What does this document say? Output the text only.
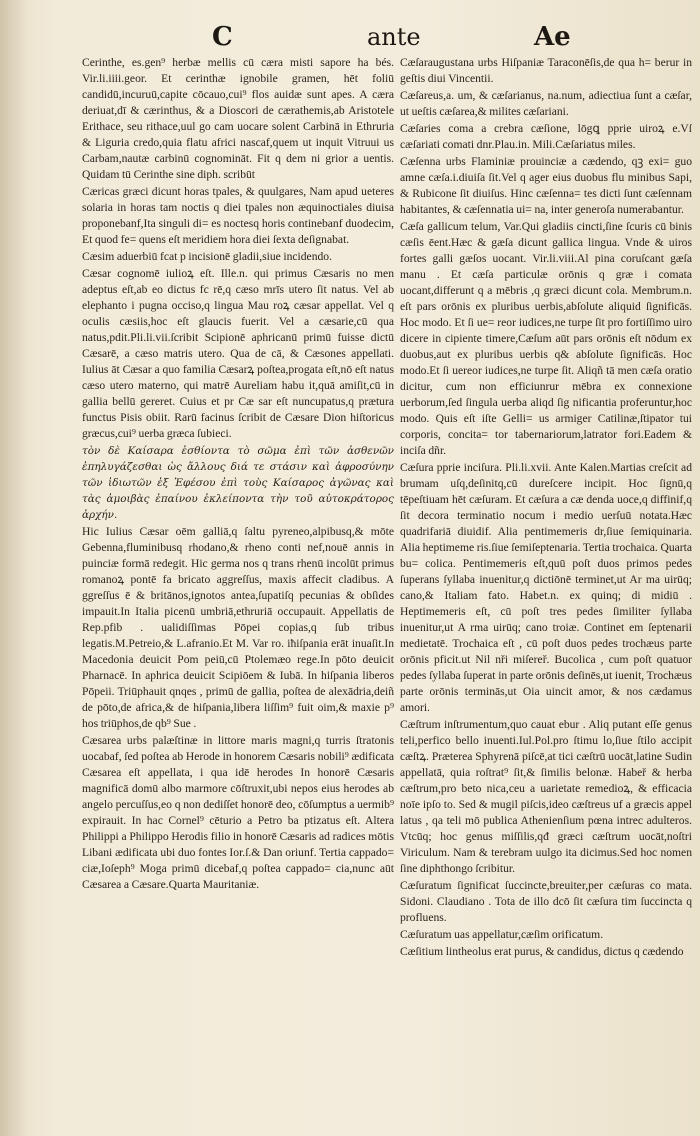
C	ante	Ae

Cerinthe, es.gen⁹ herbæ mellis cū cæra misti sapore ha bés. Vir.li.iiii.geor. Et cerinthæ ignobile gramen, hēt foliū candidū,incuruū,capite cōcauo,cui⁹ flos auidæ sunt apes. A cæra deriuat,dī & cærinthus, & a Dioscori de cærathemis,ab Aristotele Erithace, seu rithace,uul go cam uocare solent Carbinā in Ethruria & Liguria credo,quia flatu africi nascaf,quem ut inquit Vitruui us Carbam,nautæ carbinū cognomināt. Fit q dem ni grior a uentis. Quidam tū Cerinthe sine diph. scribūt

Cæricas græci dicunt horas tpales, & quulgares, Nam apud ueteres solaria in horas tam noctis q diei tpales non æquinoctiales diuisa proponebanf,Ita singuli di= es noctesq horis continebanf duodecim, Et quod fe= quens eſt meridiem hora diei ſexta deſignabat.

Cæsim aduerbiū fcat p incisionē gladii,siue incidendo.

Cæsar cognomē iulioꝝ eſt. Ille.n. qui primus Cæsaris no men adeptus eſt,ab eo dictus fc rē,q cæso mrīs utero ſit natus. Vel ab elephanto i pugna occiso,q lingua Mau roꝝ cæsar appellat. Vel q oculis cæsiis,hoc eſt glaucis fuerit. Vel a cæsarie,cū qua natus,pdit.Pli.li.vii.ſcribit Scipionē aphricanū primū fuisse dictū Cæsarē, a cæso matris utero. Qua de cā, & Cæsones appellati. Iulius āt Cæsar a quo familia Cæsarꝝ poſtea,progata eſt,nō eſt natus cæso utero materno, qui matrē Aureliam habu it,quā amiſit,cū in gallia bellū gereret. Cuius et pr Cæ sar eſt nuncupatus,q prætura functus Pisis obiit. Rarū facinus ſcribit de Cæsare Dion hiſtoricus græcus,cui⁹ uerba græca ſubieci.

τὸν δὲ Καίσαρα ἐσθίοντα τὸ σῶμα ἐπὶ τῶν ἀσθενῶν ἐπηλυγάζεσθαι ὡς ἄλλους διά τε στάσιν καὶ ἀφροσύνην τῶν ἰδιωτῶν ἐξ Ἐφέσου ἐπὶ τοὺς Καίσαρος ἀγῶνας καὶ τὰς ἀμοιβὰς ἐπαίνου ἐκλείποντα τὴν τοῦ αὐτοκράτορος ἀρχήν.

Hic Iulius Cæsar oēm galliā,q ſaltu pyreneo,alpibusq,& mōte Gebenna,fluminibusq rhodano,& rheno conti nef,nouē annis in puinciæ formā redegit. Hic germa nos q trans rhenū incolūt primus romanoꝝ pontē fa bricato aggreſſus, maxis affecit cladibus. A ggreſſus ē & britānos,ignotos antea,ſupatiſq pecunias & obſides impauit.In Italia picenū umbriā,ethruriā occupauit. Appellatis de Rep.pfib . ualidiſſimas Pōpei copias,q ſub tribus legatis.M.Petreio,& L.afranio.Et M. Var ro. iħiſpania erāt inuaſit.In Macedonia deuicit Pom peiū,cū Ptolemæo rege.In pōto deuicit Pharnacē. In aphrica deuicit Scipiōem & Iubā. In hiſpania liberos Pōpeii. Triūphauit qnqes , primū de gallia, poſtea de alexādria,deiñ de pōto,de africa,& de hiſpania,libera liſſim⁹ fuit oim,& maxie p⁹ hos triūphos,de qb⁹ Sue .

Cæsarea urbs palæſtinæ in littore maris magni,q turris ſtratonis uocabaf, ſed poſtea ab Herode in honorem Cæsaris nobili⁹ ædificata Cæsarea eſt appellata, i qua idē herodes In honorē Cæsaris magnificā domū albo marmore cōſtruxit,ubi nepos eius herodes ab angelo percuſſus,eo q non dediſſet honorē deo, cōſumptus a uermib⁹ expirauit. In hac Cornel⁹ cēturio a Petro ba ptizatus eſt. Altera Philippi a Philippo Herodis filio in honorē Cæsaris ad radices mōtis Libani ædificata ubi duo fontes Ior.ſ.& Dan oriunf. Tertia cappado= ciæ,Ioſeph⁹ Moga primū dicebaf,q poſtea cappado= cia,nunc aūt Cæsarea a Cæsare.Quarta Mauritaniæ.

Cæſaraugustana urbs Hiſpaniæ Taraconēſis,de qua h= berur in geſtis diui Vincentii.

Cæſareus,a. um, & cæſarianus, na.num, adiectiua ſunt a cæſar, ut ueſtis cæſarea,& milites cæſariani.

Cæſaries coma a crebra cæſione, lōgꝗ pprie uiroꝝ e.Vſ cæſariati comati dnr.Plau.in. Mili.Cæſariatus miles.

Cæſenna urbs Flaminiæ prouinciæ a cædendo, qꝫ exi= guo amne cæſa.i.diuiſa ſit.Vel q ager eius duobus flu minibus Sapi, & Rubicone ſit diuiſus. Hinc cæſenna= tes dicti ſunt cæſennam habitantes, & cæſennatia ui= na, inter generoſa numerabantur.

Cæſa gallicum telum, Var.Qui gladiis cincti,ſine ſcuris cū binis cæſis ēent.Hæc & gæſa dicunt gallica lingua. Vnde & uiros fortes galli gæſos uocant. Vir.li.viii.Al pina coruſcant gæſa manu . Et cæſa particulæ orōnis q græ i comata uocant,differunt q a mēbris ,q græci dicunt cola. Membrum.n. eſt pars orōnis ex pluribus uerbis,abſolute aliquid ſignificās. Hoc modo. Et ſi ue= reor iudices,ne turpe ſit pro fortiſſimo uiro dicere in cipiente timere,Cæſum aūt pars orōnis eſt nōdum ex duobus,aut ex pluribus uerbis q& abſolute ſignificās. Hoc modo.Et ſi uereor iudices,ne turpe ſit. Aliqñ tā men cæſa oratio dicitur, cum non efficiunrur mēbra ex connexione uerborum,ſed ſingula uerba aliqd ſig nificantia proferuntur,hoc modo. Quis eſt iſte Gelli= us armiger Catilinæ,ſtipator tui corporis, concita= tor tabernariorum,latrator fori.Eadem & inciſa dñr.

Cæſura pprie inciſura. Pli.li.xvii. Ante Kalen.Martias creſcit ad brumam uſq,deſinitq,cū dureſcere incipit. Hoc ſignū,q tēpeſtiuam hēt cæſuram. Et cæſura a cæ denda uoce,q diffinif,q ſit decora terminatio nocum i medio uerſuū notata.Hæc quadrifariā diuidif. Alia pentimemeris dr,ſiue ſemiquinaria. Alia heptimeme ris.ſiue ſemiſeptenaria. Tertia trochaica. Quarta bu= colica. Pentimemeris eſt,quū poſt duos primos pedes ſuperans ſyllaba inuenitur,q dictiōnē terminet,ut Ar ma uirūq; cano,& Italiam fato. Habet.n. ex quinq; di midiū . Heptimemeris eſt, cū poſt tres pedes ſimiliter ſyllaba inuenitur,ut A rma uirūq; cano troiæ. Continet em ſeptenarii medietatē. Trochaica eſt , cū poſt duos pedes trochæus parte orōnis pficit.ut Nil nři miſereř. Bucolica , cum poſt quatuor pedes ſyllaba ſuperat in parte orōnis deſinēs,ut iuenit, Trochæus parte orōnis terminās,ut Oia uincit amor, & nos cædamus amori.

Cæſtrum inſtrumentum,quo cauat ebur . Aliq putant eſſe genus teli,perfico bello inuenti.Iul.Pol.pro ſtimu lo,ſiue ſtilo accipit cæſtꝝ. Præterea Sphyrenā piſcē,at tici cæſtrū uocāt,latine Sudin appellatā, quia roſtrat⁹ ſit,& ſimilis belonæ. Habeř & herba cæſtrum,pro beto nica,ceu a uarietate remedioꝝ, & efficacia noīe ipſo to. Sed & mugil piſcis,ideo cæſtreus uf a græcis appel latus , qa teli mō publica Athenienſium pœna intrec adulteros. Vtcūq; hoc genus miſſilis,qđ græci cæſtrum uocāt,noſtri Viriculum. Nam & terebram uulgo ita dicimus.Sed hoc nomen ſine diphthongo ſcribitur.

Cæſuratum ſignificat ſuccincte,breuiter,per cæſuras co mata. Sidoni. Claudiano . Tota de illo dcō ſit cæſura tim ſuccincta q profluens.

Cæſuratum uas appellatur,cæſim orificatum.

Cæſitium lintheolus erat purus, & candidus, dictus q cædendo
